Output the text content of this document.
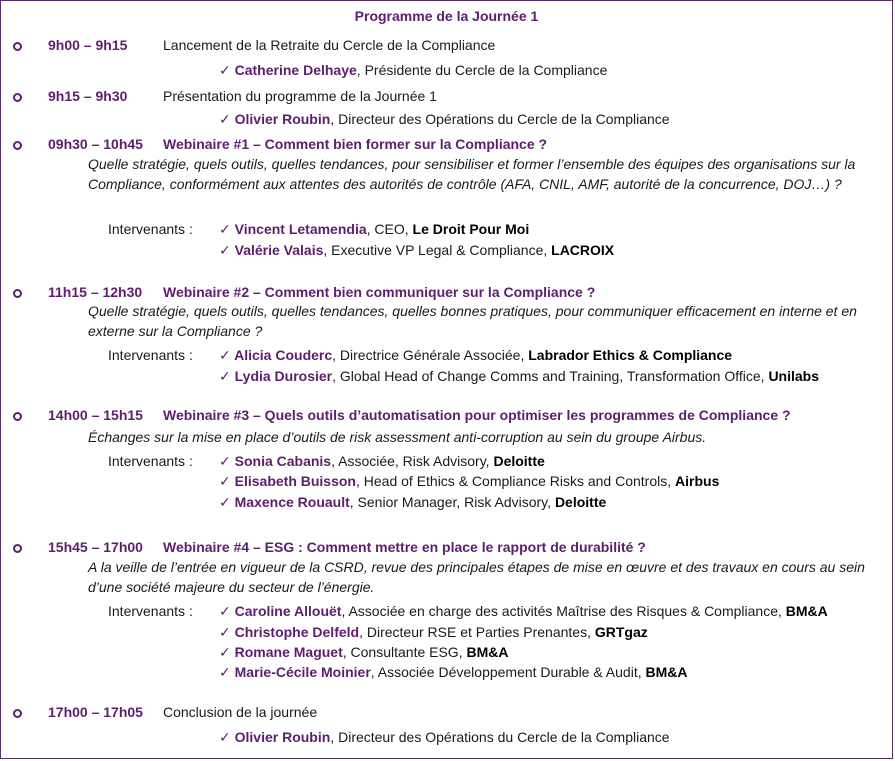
Programme de la Journée 1
9h00 – 9h15	Lancement de la Retraite du Cercle de la Compliance
✓ Catherine Delhaye, Présidente du Cercle de la Compliance
9h15 – 9h30	Présentation du programme de la Journée 1
✓ Olivier Roubin, Directeur des Opérations du Cercle de la Compliance
09h30 – 10h45 Webinaire #1 – Comment bien former sur la Compliance ?
Quelle stratégie, quels outils, quelles tendances, pour sensibiliser et former l’ensemble des équipes des organisations sur la Compliance, conformément aux attentes des autorités de contrôle (AFA, CNIL, AMF, autorité de la concurrence, DOJ…) ?
Intervenants : ✓ Vincent Letamendia, CEO, Le Droit Pour Moi
✓ Valérie Valais, Executive VP Legal & Compliance, LACROIX
11h15 – 12h30 Webinaire #2 – Comment bien communiquer sur la Compliance ?
Quelle stratégie, quels outils, quelles tendances, quelles bonnes pratiques, pour communiquer efficacement en interne et en externe sur la Compliance ?
Intervenants : ✓ Alicia Couderc, Directrice Générale Associée, Labrador Ethics & Compliance
✓ Lydia Durosier, Global Head of Change Comms and Training, Transformation Office, Unilabs
14h00 – 15h15 Webinaire #3 – Quels outils d’automatisation pour optimiser les programmes de Compliance ?
Échanges sur la mise en place d’outils de risk assessment anti-corruption au sein du groupe Airbus.
Intervenants : ✓ Sonia Cabanis, Associée, Risk Advisory, Deloitte
✓ Elisabeth Buisson, Head of Ethics & Compliance Risks and Controls, Airbus
✓ Maxence Rouault, Senior Manager, Risk Advisory, Deloitte
15h45 – 17h00 Webinaire #4 – ESG : Comment mettre en place le rapport de durabilité ?
A la veille de l’entrée en vigueur de la CSRD, revue des principales étapes de mise en œuvre et des travaux en cours au sein d’une société majeure du secteur de l’énergie.
Intervenants : ✓ Caroline Allouët, Associée en charge des activités Maîtrise des Risques & Compliance, BM&A
✓ Christophe Delfeld, Directeur RSE et Parties Prenantes, GRTgaz
✓ Romane Maguet, Consultante ESG, BM&A
✓ Marie-Cécile Moinier, Associée Développement Durable & Audit, BM&A
17h00 – 17h05 Conclusion de la journée
✓ Olivier Roubin, Directeur des Opérations du Cercle de la Compliance
